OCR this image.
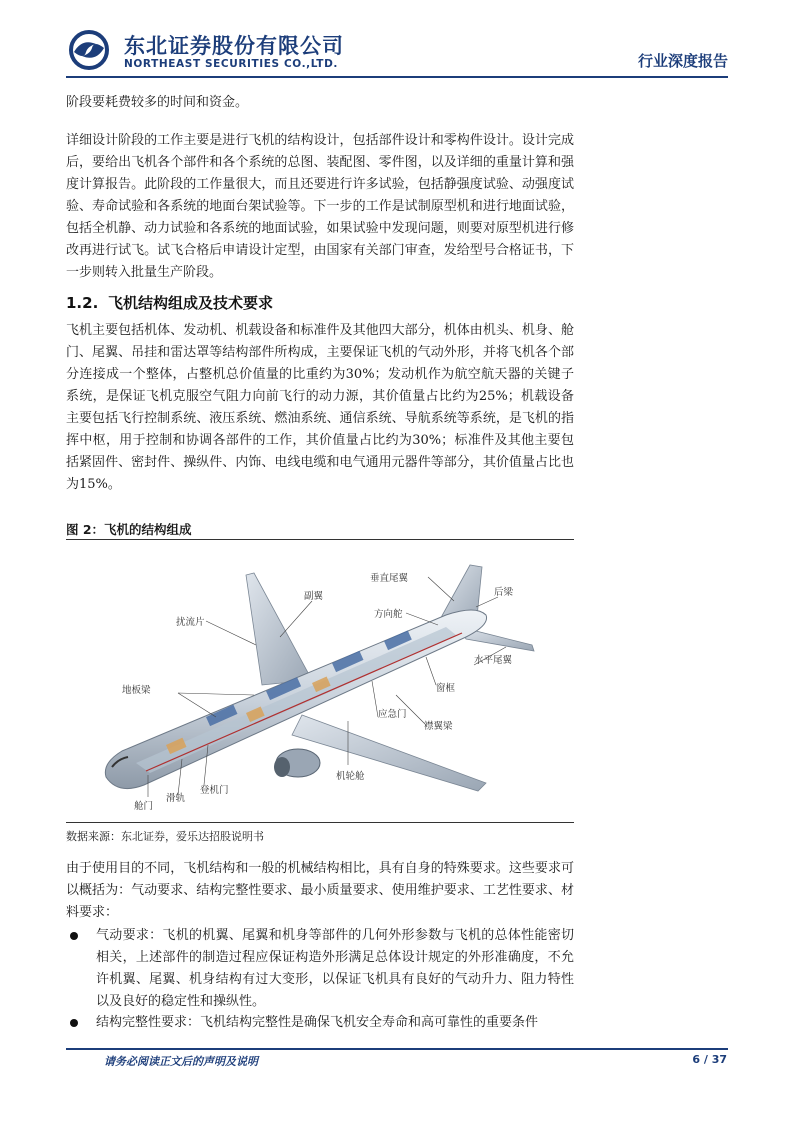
东北证券股份有限公司
NORTHEAST SECURITIES CO.,LTD.	行业深度报告
阶段要耗费较多的时间和资金。
详细设计阶段的工作主要是进行飞机的结构设计，包括部件设计和零构件设计。设计完成后，要给出飞机各个部件和各个系统的总图、装配图、零件图，以及详细的重量计算和强度计算报告。此阶段的工作量很大，而且还要进行许多试验，包括静强度试验、动强度试验、寿命试验和各系统的地面台架试验等。下一步的工作是试制原型机和进行地面试验，包括全机静、动力试验和各系统的地面试验，如果试验中发现问题，则要对原型机进行修改再进行试飞。试飞合格后申请设计定型，由国家有关部门审查，发给型号合格证书，下一步则转入批量生产阶段。
1.2. 飞机结构组成及技术要求
飞机主要包括机体、发动机、机载设备和标准件及其他四大部分，机体由机头、机身、舱门、尾翼、吊挂和雷达罩等结构部件所构成，主要保证飞机的气动外形，并将飞机各个部分连接成一个整体，占整机总价值量的比重约为30%；发动机作为航空航天器的关键子系统，是保证飞机克服空气阻力向前飞行的动力源，其价值量占比约为25%；机载设备主要包括飞行控制系统、液压系统、燃油系统、通信系统、导航系统等系统，是飞机的指挥中枢，用于控制和协调各部件的工作，其价值量占比约为30%；标准件及其他主要包括紧固件、密封件、操纵件、内饰、电线电缆和电气通用元器件等部分，其价值量占比也为15%。
图 2：飞机的结构组成
副翼
垂直尾翼
后梁
扰流片
方向舵
水平尾翼
地板梁	窗框
应急门
襟翼梁
机轮舱
登机门
滑轨
舱门
数据来源：东北证券，爱乐达招股说明书
由于使用目的不同，飞机结构和一般的机械结构相比，具有自身的特殊要求。这些要求可以概括为：气动要求、结构完整性要求、最小质量要求、使用维护要求、工艺性要求、材料要求：
气动要求：飞机的机翼、尾翼和机身等部件的几何外形参数与飞机的总体性能密切相关，上述部件的制造过程应保证构造外形满足总体设计规定的外形准确度，不允许机翼、尾翼、机身结构有过大变形，以保证飞机具有良好的气动升力、阻力特性以及良好的稳定性和操纵性。
结构完整性要求：飞机结构完整性是确保飞机安全寿命和高可靠性的重要条件
请务必阅读正文后的声明及说明	6 / 37
